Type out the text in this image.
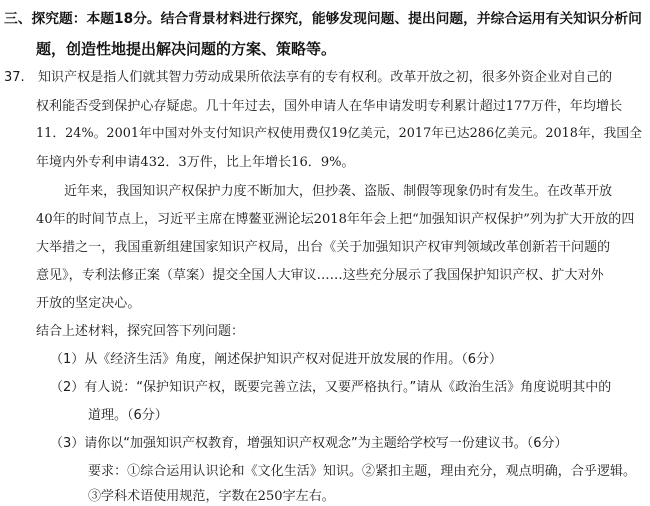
三、探究题：本题18分。结合背景材料进行探究，能够发现问题、提出问题，并综合运用有关知识分析问
题，创造性地提出解决问题的方案、策略等。
37. 知识产权是指人们就其智力劳动成果所依法享有的专有权利。改革开放之初，很多外资企业对自己的
权利能否受到保护心存疑虑。几十年过去，国外申请人在华申请发明专利累计超过177万件，年均增长
11．24%。2001年中国对外支付知识产权使用费仅19亿美元，2017年已达286亿美元。2018年，我国全
年境内外专利申请432．3万件，比上年增长16．9%。
近年来，我国知识产权保护力度不断加大，但抄袭、盗版、制假等现象仍时有发生。在改革开放
40年的时间节点上，习近平主席在博鳌亚洲论坛2018年年会上把“加强知识产权保护”列为扩大开放的四
大举措之一，我国重新组建国家知识产权局，出台《关于加强知识产权审判领域改革创新若干问题的
意见》，专利法修正案（草案）提交全国人大审议……这些充分展示了我国保护知识产权、扩大对外
开放的坚定决心。
结合上述材料，探究回答下列问题：
（1）从《经济生活》角度，阐述保护知识产权对促进开放发展的作用。（6分）
（2）有人说：“保护知识产权，既要完善立法，又要严格执行。”请从《政治生活》角度说明其中的
道理。（6分）
（3）请你以“加强知识产权教育，增强知识产权观念”为主题给学校写一份建议书。（6分）
要求：①综合运用认识论和《文化生活》知识。②紧扣主题，理由充分，观点明确，合乎逻辑。
③学科术语使用规范，字数在250字左右。
